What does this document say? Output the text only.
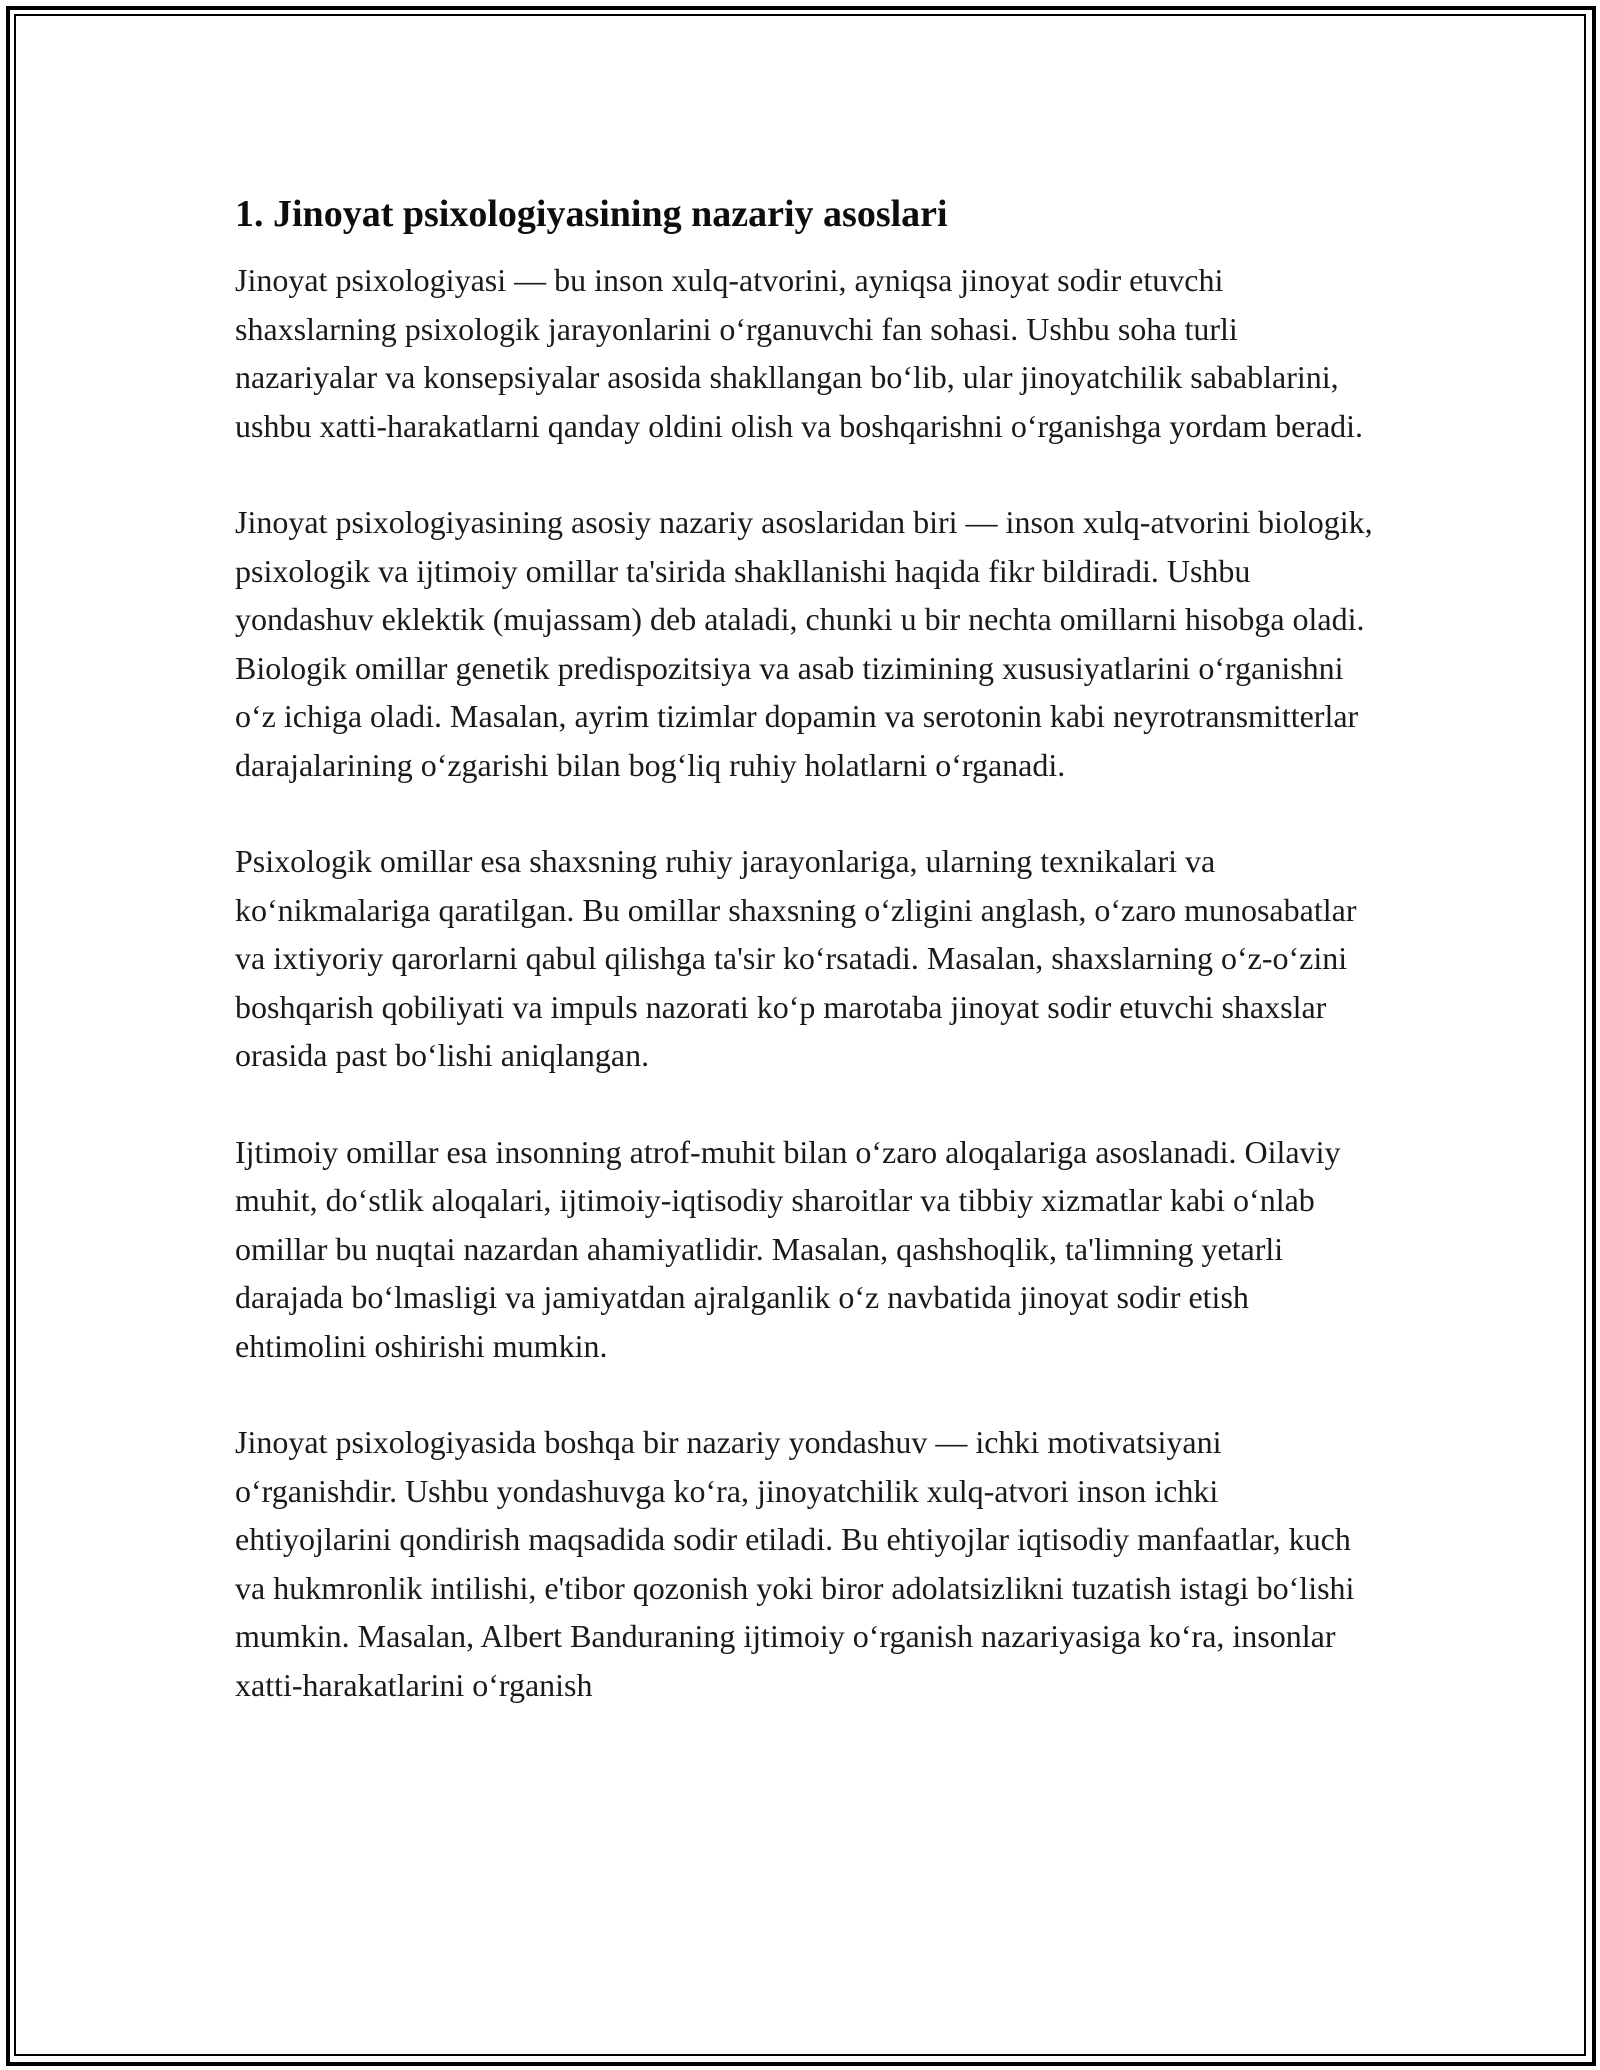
1. Jinoyat psixologiyasining nazariy asoslari

Jinoyat psixologiyasi — bu inson xulq-atvorini, ayniqsa jinoyat sodir etuvchi shaxslarning psixologik jarayonlarini oʻrganuvchi fan sohasi. Ushbu soha turli nazariyalar va konsepsiyalar asosida shakllangan boʻlib, ular jinoyatchilik sabablarini, ushbu xatti-harakatlarni qanday oldini olish va boshqarishni oʻrganishga yordam beradi.

Jinoyat psixologiyasining asosiy nazariy asoslaridan biri — inson xulq-atvorini biologik, psixologik va ijtimoiy omillar ta'sirida shakllanishi haqida fikr bildiradi. Ushbu yondashuv eklektik (mujassam) deb ataladi, chunki u bir nechta omillarni hisobga oladi. Biologik omillar genetik predispozitsiya va asab tizimining xususiyatlarini oʻrganishni oʻz ichiga oladi. Masalan, ayrim tizimlar dopamin va serotonin kabi neyrotransmitterlar darajalarining oʻzgarishi bilan bogʻliq ruhiy holatlarni oʻrganadi.

Psixologik omillar esa shaxsning ruhiy jarayonlariga, ularning texnikalari va koʻnikmalariga qaratilgan. Bu omillar shaxsning oʻzligini anglash, oʻzaro munosabatlar va ixtiyoriy qarorlarni qabul qilishga ta'sir koʻrsatadi. Masalan, shaxslarning oʻz-oʻzini boshqarish qobiliyati va impuls nazorati koʻp marotaba jinoyat sodir etuvchi shaxslar orasida past boʻlishi aniqlangan.

Ijtimoiy omillar esa insonning atrof-muhit bilan oʻzaro aloqalariga asoslanadi. Oilaviy muhit, doʻstlik aloqalari, ijtimoiy-iqtisodiy sharoitlar va tibbiy xizmatlar kabi oʻnlab omillar bu nuqtai nazardan ahamiyatlidir. Masalan, qashshoqlik, ta'limning yetarli darajada boʻlmasligi va jamiyatdan ajralganlik oʻz navbatida jinoyat sodir etish ehtimolini oshirishi mumkin.

Jinoyat psixologiyasida boshqa bir nazariy yondashuv — ichki motivatsiyani oʻrganishdir. Ushbu yondashuvga koʻra, jinoyatchilik xulq-atvori inson ichki ehtiyojlarini qondirish maqsadida sodir etiladi. Bu ehtiyojlar iqtisodiy manfaatlar, kuch va hukmronlik intilishi, e'tibor qozonish yoki biror adolatsizlikni tuzatish istagi boʻlishi mumkin. Masalan, Albert Banduraning ijtimoiy oʻrganish nazariyasiga koʻra, insonlar xatti-harakatlarini oʻrganish
